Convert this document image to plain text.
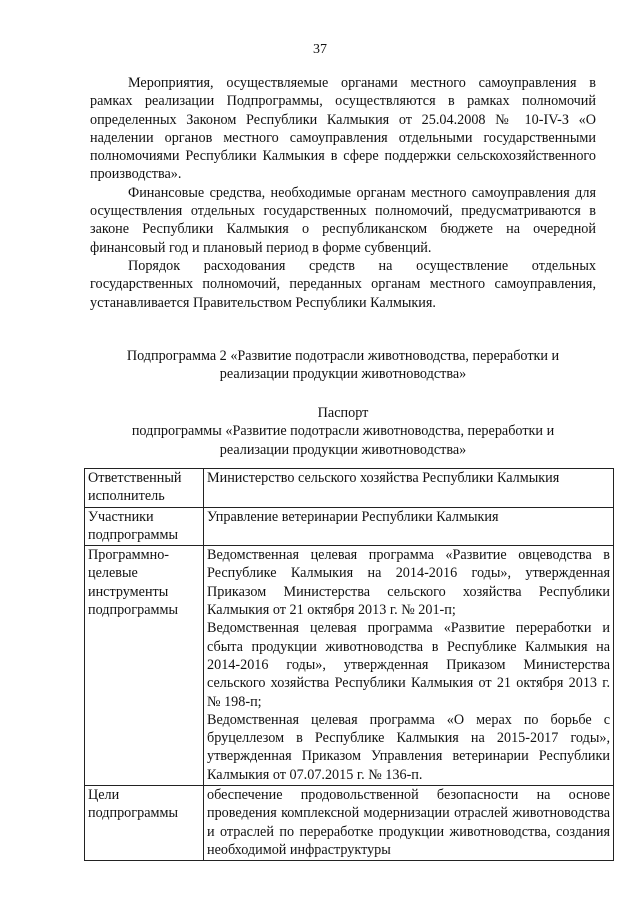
37

Мероприятия, осуществляемые органами местного самоуправления в рамках реализации Подпрограммы, осуществляются в рамках полномочий определенных Законом Республики Калмыкия от 25.04.2008 № 10-IV-З «О наделении органов местного самоуправления отдельными государственными полномочиями Республики Калмыкия в сфере поддержки сельскохозяйственного производства».

Финансовые средства, необходимые органам местного самоуправления для осуществления отдельных государственных полномочий, предусматриваются в законе Республики Калмыкия о республиканском бюджете на очередной финансовый год и плановый период в форме субвенций.

Порядок расходования средств на осуществление отдельных государственных полномочий, переданных органам местного самоуправления, устанавливается Правительством Республики Калмыкия.

Подпрограмма 2 «Развитие подотрасли животноводства, переработки и
реализации продукции животноводства»
Паспорт
подпрограммы «Развитие подотрасли животноводства, переработки и
реализации продукции животноводства»
Ответственный исполнитель	Министерство сельского хозяйства Республики Калмыкия

Участники подпрограммы	Управление ветеринарии Республики Калмыкия

Программно-целевые инструменты подпрограммы	Ведомственная целевая программа «Развитие овцеводства в Республике Калмыкия на 2014-2016 годы», утвержденная Приказом Министерства сельского хозяйства Республики Калмыкия от 21 октября 2013 г. № 201-п;

Ведомственная целевая программа «Развитие переработки и сбыта продукции животноводства в Республике Калмыкия на 2014-2016 годы», утвержденная Приказом Министерства сельского хозяйства Республики Калмыкия от 21 октября 2013 г. № 198-п;

Ведомственная целевая программа «О мерах по борьбе с бруцеллезом в Республике Калмыкия на 2015-2017 годы», утвержденная Приказом Управления ветеринарии Республики Калмыкия от 07.07.2015 г. № 136-п.

Цели подпрограммы	обеспечение продовольственной безопасности на основе проведения комплексной модернизации отраслей животноводства и отраслей по переработке продукции животноводства, создания необходимой инфраструктуры
